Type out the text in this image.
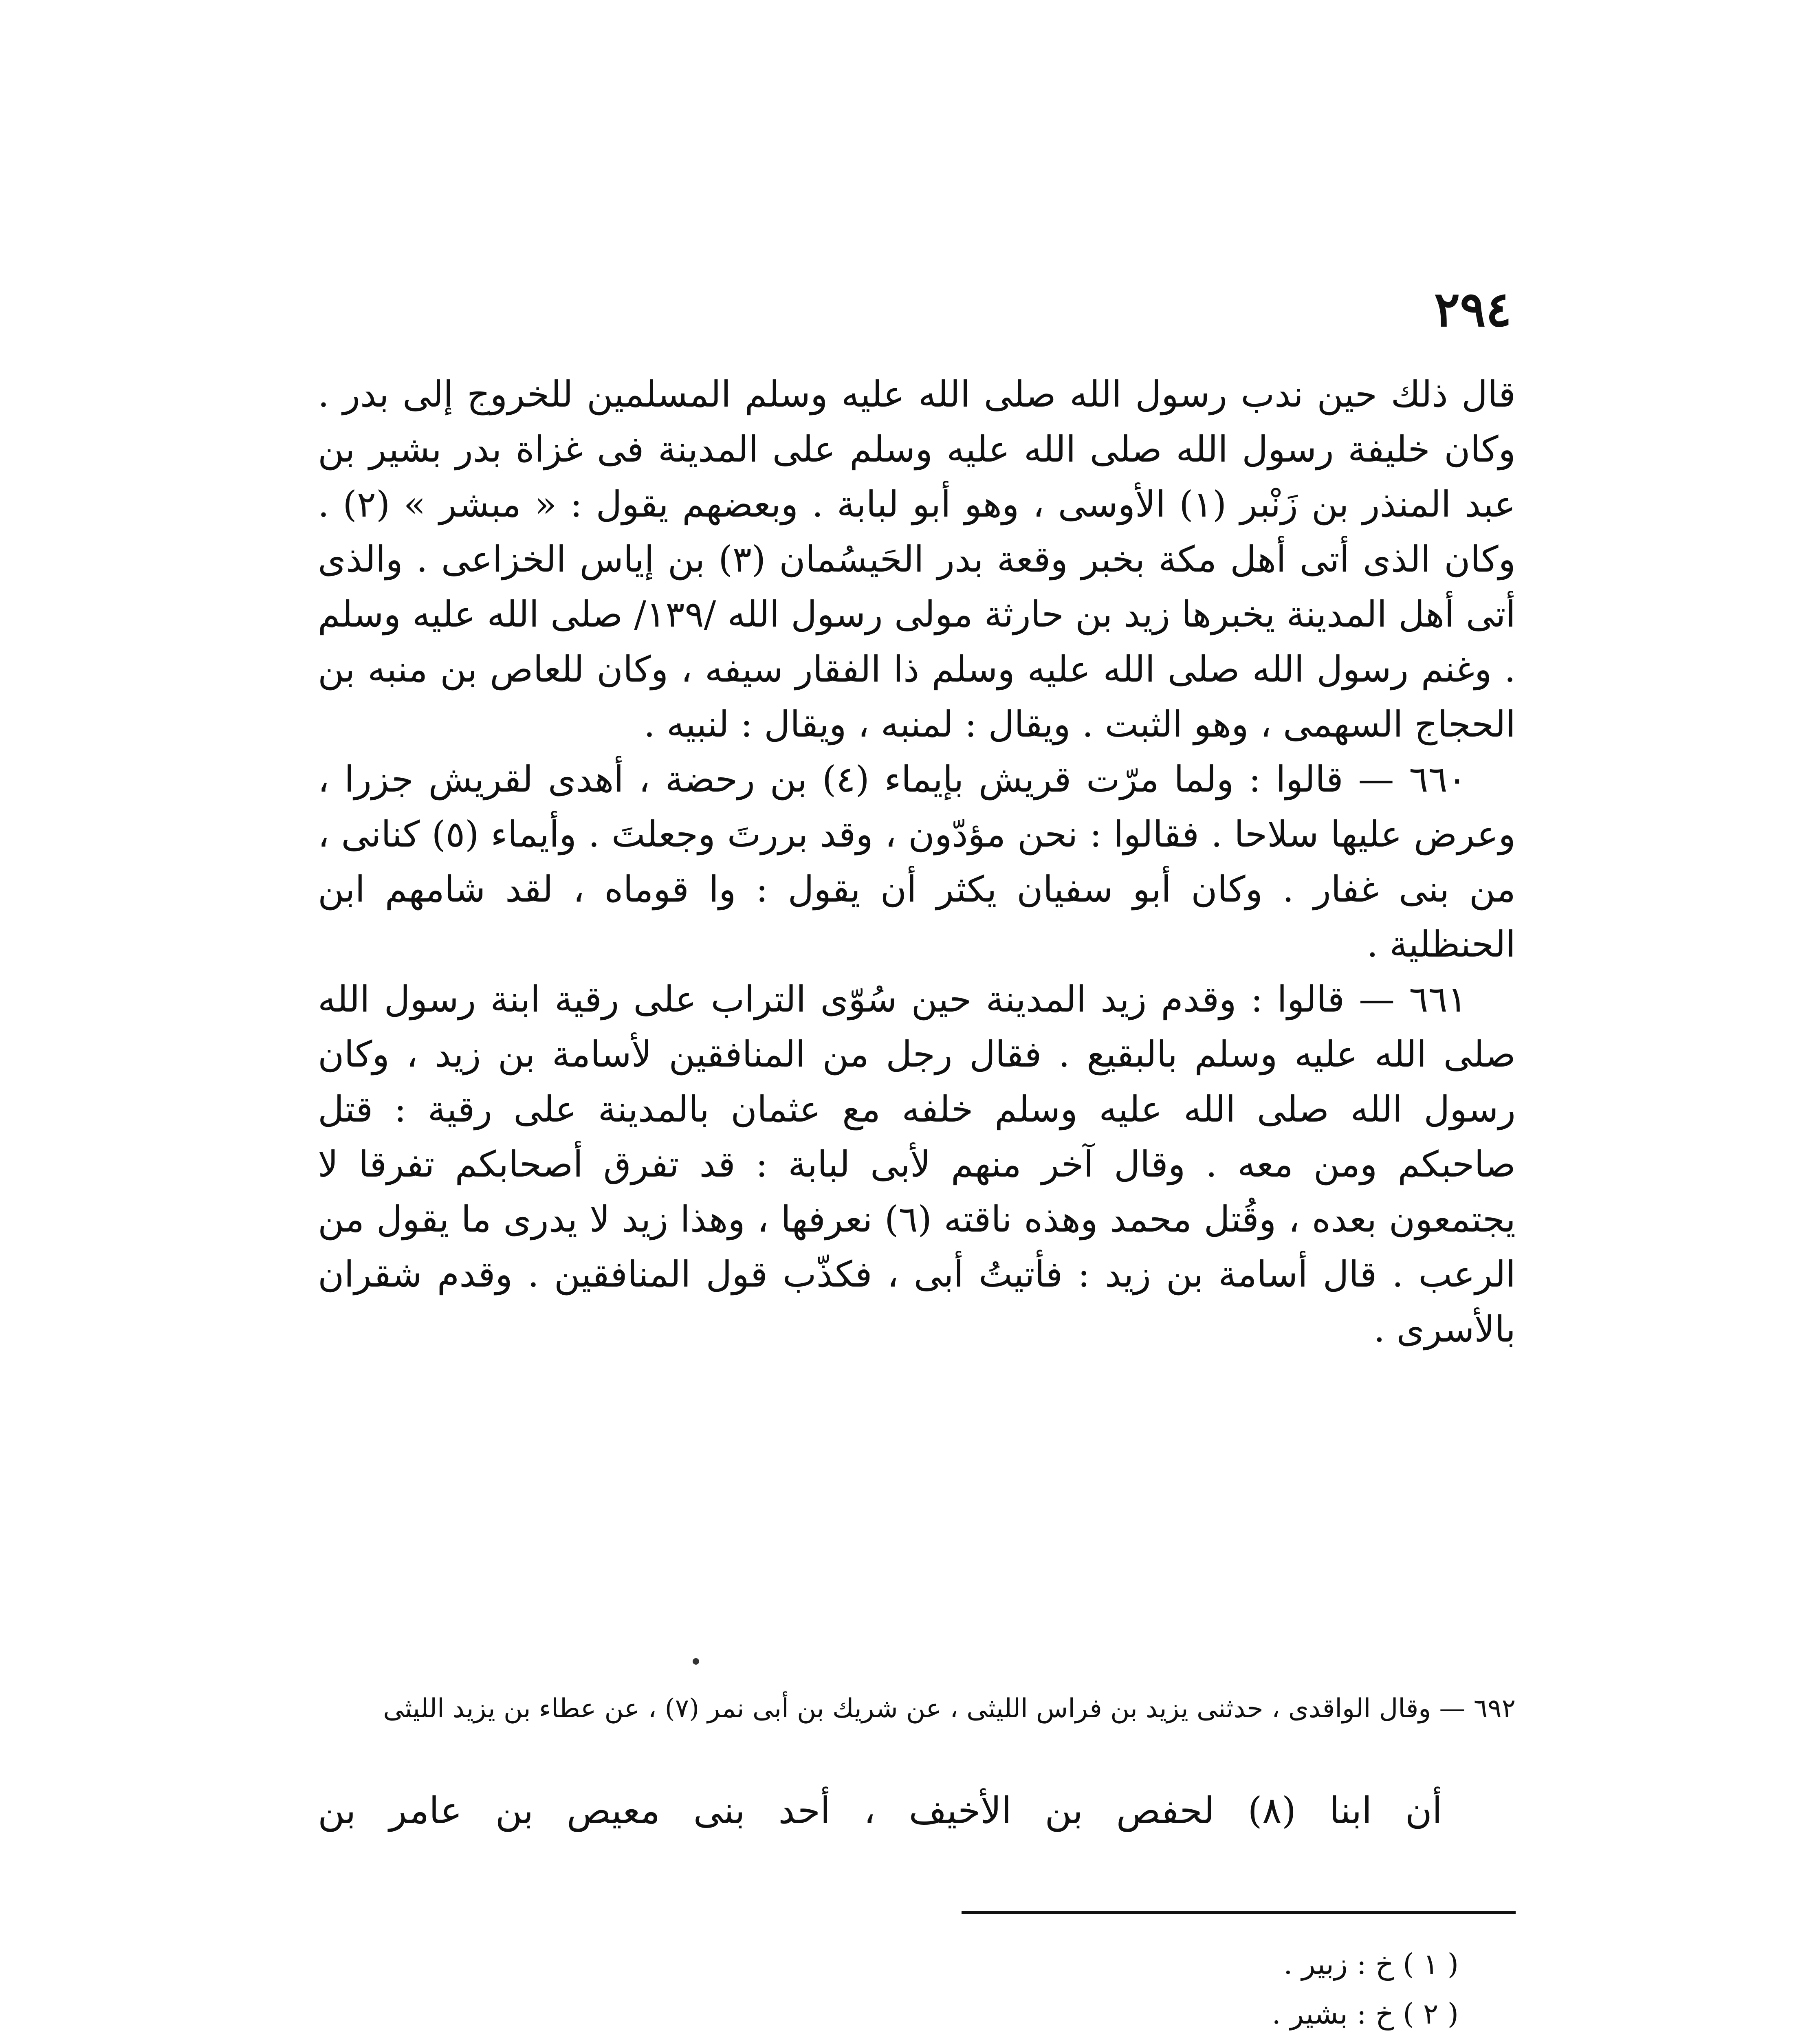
٢٩٤

قال ذلك حين ندب رسول الله صلى الله عليه وسلم المسلمين للخروج إلى بدر . وكان خليفة رسول الله صلى الله عليه وسلم على المدينة فى غزاة بدر بشير بن عبد المنذر بن زَنْبر (١) الأوسى ، وهو أبو لبابة . وبعضهم يقول : « مبشر » (٢) . وكان الذى أتى أهل مكة بخبر وقعة بدر الحَيسُمان (٣) بن إياس الخزاعى . والذى أتى أهل المدينة يخبرها زيد بن حارثة مولى رسول الله /١٣٩/ صلى الله عليه وسلم . وغنم رسول الله صلى الله عليه وسلم ذا الفقار سيفه ، وكان للعاص بن منبه بن الحجاج السهمى ، وهو الثبت . ويقال : لمنبه ، ويقال : لنبيه .

٦٦٠ — قالوا : ولما مرّت قريش بإيماء (٤) بن رحضة ، أهدى لقريش جزرا ، وعرض عليها سلاحا . فقالوا : نحن مؤدّون ، وقد بررتَ وجعلتَ . وأيماء (٥) كنانى ، من بنى غفار . وكان أبو سفيان يكثر أن يقول : وا قوماه ، لقد شامهم ابن الحنظلية .

٦٦١ — قالوا : وقدم زيد المدينة حين سُوّى التراب على رقية ابنة رسول الله صلى الله عليه وسلم بالبقيع . فقال رجل من المنافقين لأسامة بن زيد ، وكان رسول الله صلى الله عليه وسلم خلفه مع عثمان بالمدينة على رقية : قتل صاحبكم ومن معه . وقال آخر منهم لأبى لبابة : قد تفرق أصحابكم تفرقا لا يجتمعون بعده ، وقُتل محمد وهذه ناقته (٦) نعرفها ، وهذا زيد لا يدرى ما يقول من الرعب . قال أسامة بن زيد : فأتيتُ أبى ، فكذّب قول المنافقين . وقدم شقران بالأسرى .

٦٩٢ — وقال الواقدى ، حدثنى يزيد بن فراس الليثى ، عن شريك بن أبى نمر (٧) ، عن عطاء بن يزيد الليثى
أن ابنا (٨) لحفص بن الأخيف ، أحد بنى معيص بن عامر بن

( ١ ) خ : زبير .

( ٢ ) خ : بشير .
